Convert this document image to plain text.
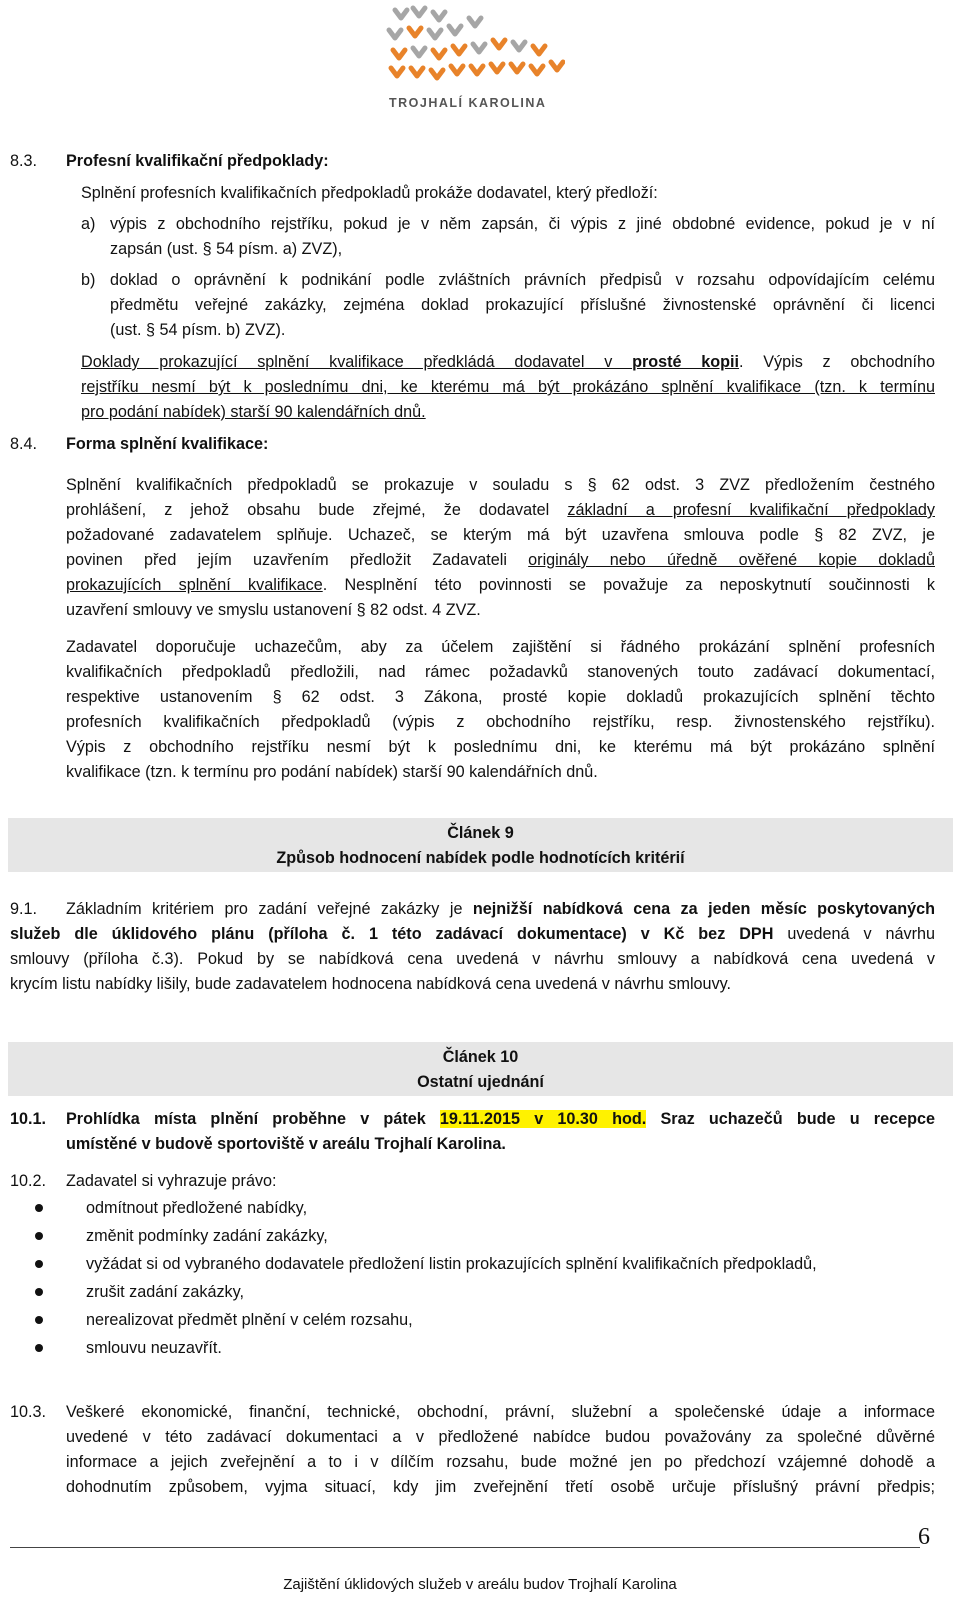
TROJHALÍ KAROLINA
8.3. Profesní kvalifikační předpoklady:
Splnění profesních kvalifikačních předpokladů prokáže dodavatel, který předloží:
a) výpis z obchodního rejstříku, pokud je v něm zapsán, či výpis z jiné obdobné evidence, pokud je v ní
zapsán (ust. § 54 písm. a) ZVZ),
b) doklad o oprávnění k podnikání podle zvláštních právních předpisů v rozsahu odpovídajícím celému
předmětu veřejné zakázky, zejména doklad prokazující příslušné živnostenské oprávnění či licenci
(ust. § 54 písm. b) ZVZ).
Doklady prokazující splnění kvalifikace předkládá dodavatel v prosté kopii. Výpis z obchodního
rejstříku nesmí být k poslednímu dni, ke kterému má být prokázáno splnění kvalifikace (tzn. k termínu
pro podání nabídek) starší 90 kalendářních dnů.
8.4. Forma splnění kvalifikace:
Splnění kvalifikačních předpokladů se prokazuje v souladu s § 62 odst. 3 ZVZ předložením čestného
prohlášení, z jehož obsahu bude zřejmé, že dodavatel základní a profesní kvalifikační předpoklady
požadované zadavatelem splňuje. Uchazeč, se kterým má být uzavřena smlouva podle § 82 ZVZ, je
povinen před jejím uzavřením předložit Zadavateli originály nebo úředně ověřené kopie dokladů
prokazujících splnění kvalifikace. Nesplnění této povinnosti se považuje za neposkytnutí součinnosti k
uzavření smlouvy ve smyslu ustanovení § 82 odst. 4 ZVZ.
Zadavatel doporučuje uchazečům, aby za účelem zajištění si řádného prokázání splnění profesních
kvalifikačních předpokladů předložili, nad rámec požadavků stanovených touto zadávací dokumentací,
respektive ustanovením § 62 odst. 3 Zákona, prosté kopie dokladů prokazujících splnění těchto
profesních kvalifikačních předpokladů (výpis z obchodního rejstříku, resp. živnostenského rejstříku).
Výpis z obchodního rejstříku nesmí být k poslednímu dni, ke kterému má být prokázáno splnění
kvalifikace (tzn. k termínu pro podání nabídek) starší 90 kalendářních dnů.
Článek 9
Způsob hodnocení nabídek podle hodnotících kritérií
9.1. Základním kritériem pro zadání veřejné zakázky je nejnižší nabídková cena za jeden měsíc poskytovaných
služeb dle úklidového plánu (příloha č. 1 této zadávací dokumentace) v Kč bez DPH uvedená v návrhu
smlouvy (příloha č.3). Pokud by se nabídková cena uvedená v návrhu smlouvy a nabídková cena uvedená v
krycím listu nabídky lišily, bude zadavatelem hodnocena nabídková cena uvedená v návrhu smlouvy.
Článek 10
Ostatní ujednání
10.1. Prohlídka místa plnění proběhne v pátek 19.11.2015 v 10.30 hod. Sraz uchazečů bude u recepce
umístěné v budově sportoviště v areálu Trojhalí Karolina.
10.2. Zadavatel si vyhrazuje právo:
odmítnout předložené nabídky,
změnit podmínky zadání zakázky,
vyžádat si od vybraného dodavatele předložení listin prokazujících splnění kvalifikačních předpokladů,
zrušit zadání zakázky,
nerealizovat předmět plnění v celém rozsahu,
smlouvu neuzavřít.
10.3. Veškeré ekonomické, finanční, technické, obchodní, právní, služební a společenské údaje a informace
uvedené v této zadávací dokumentaci a v předložené nabídce budou považovány za společné důvěrné
informace a jejich zveřejnění a to i v dílčím rozsahu, bude možné jen po předchozí vzájemné dohodě a
dohodnutím způsobem, vyjma situací, kdy jim zveřejnění třetí osobě určuje příslušný právní předpis;
6
Zajištění úklidových služeb v areálu budov Trojhalí Karolina
